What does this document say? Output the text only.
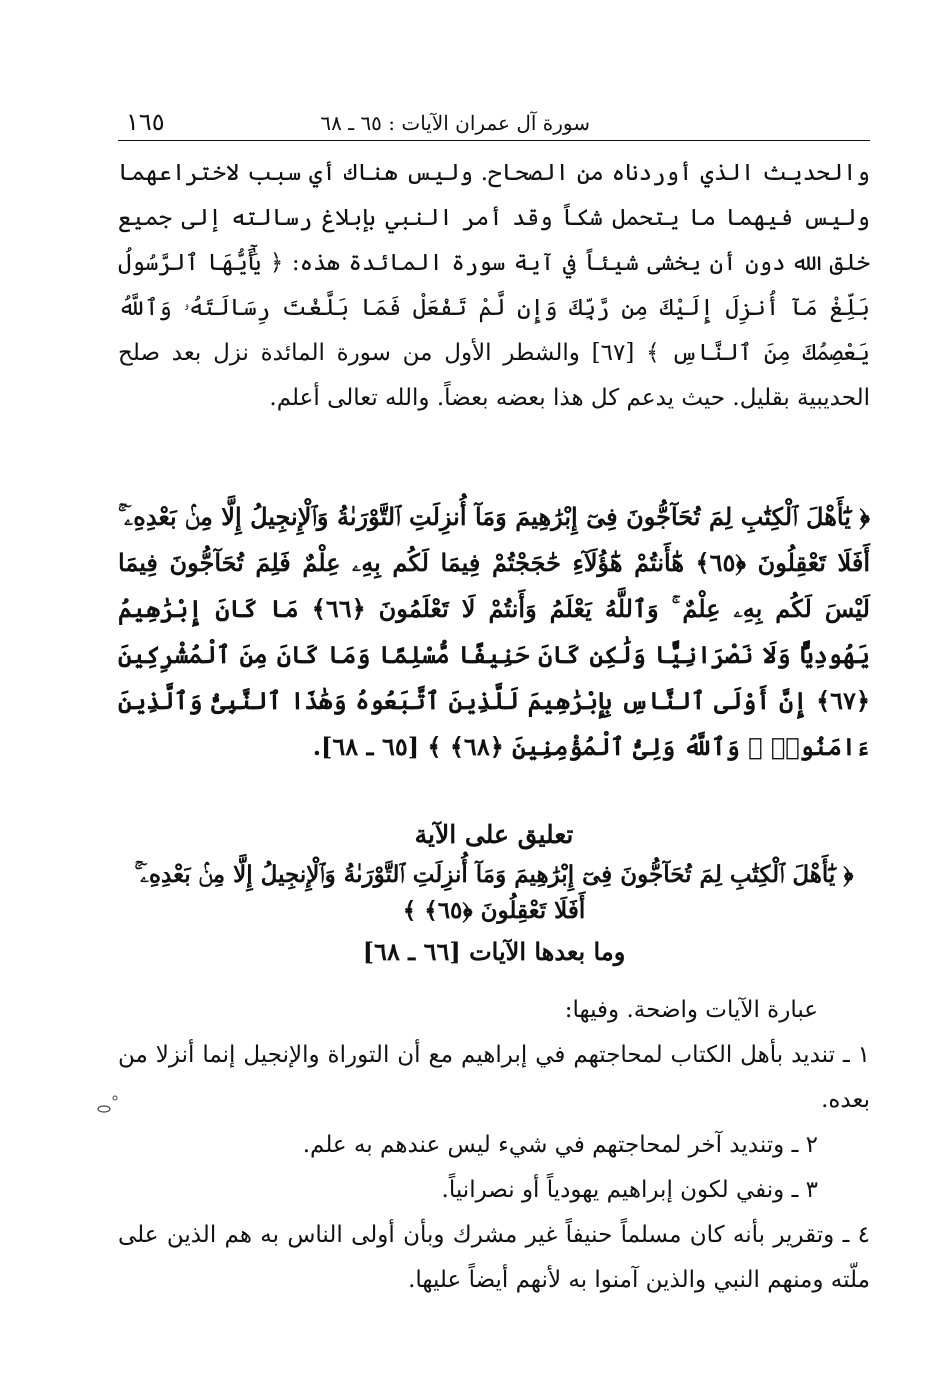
سورة آل عمران الآيات : ٦٥ ـ ٦٨
١٦٥

والحديث الذي أوردناه من الصحاح. وليس هناك أي سبب لاختراعهما وليس فيهما ما يتحمل شكاً وقد أمر النبي بإبلاغ رسالته إلى جميع خلق الله دون أن يخشى شيئاً في آية سورة المائدة هذه: ﴿ يَٰٓأَيُّهَا ٱلرَّسُولُ بَلِّغْ مَآ أُنزِلَ إِلَيْكَ مِن رَّبِّكَ وَإِن لَّمْ تَفْعَلْ فَمَا بَلَّغْتَ رِسَالَتَهُۥ وَٱللَّهُ يَعْصِمُكَ مِنَ ٱلنَّاسِ ﴾ [٦٧] والشطر الأول من سورة المائدة نزل بعد صلح الحديبية بقليل. حيث يدعم كل هذا بعضه بعضاً. والله تعالى أعلم.

﴿ يَٰٓأَهْلَ ٱلْكِتَٰبِ لِمَ تُحَآجُّونَ فِىٓ إِبْرَٰهِيمَ وَمَآ أُنزِلَتِ ٱلتَّوْرَىٰةُ وَٱلْإِنجِيلُ إِلَّا مِنۢ بَعْدِهِۦٓ ۚ أَفَلَا تَعْقِلُونَ ﴿٦٥﴾ هَٰٓأَنتُمْ هَٰٓؤُلَآءِ حَٰجَجْتُمْ فِيمَا لَكُم بِهِۦ عِلْمٌ فَلِمَ تُحَآجُّونَ فِيمَا لَيْسَ لَكُم بِهِۦ عِلْمٌ ۚ وَٱللَّهُ يَعْلَمُ وَأَنتُمْ لَا تَعْلَمُونَ ﴿٦٦﴾ مَا كَانَ إِبْرَٰهِيمُ يَهُودِيًّا وَلَا نَصْرَانِيًّا وَلَٰكِن كَانَ حَنِيفًا مُّسْلِمًا وَمَا كَانَ مِنَ ٱلْمُشْرِكِينَ ﴿٦٧﴾ إِنَّ أَوْلَى ٱلنَّاسِ بِإِبْرَٰهِيمَ لَلَّذِينَ ٱتَّبَعُوهُ وَهَٰذَا ٱلنَّبِىُّ وَٱلَّذِينَ ءَامَنُوا۟ ۗ وَٱللَّهُ وَلِىُّ ٱلْمُؤْمِنِينَ ﴿٦٨﴾ ﴾ [٦٥ ـ ٦٨].

تعليق على الآية
﴿ يَٰٓأَهْلَ ٱلْكِتَٰبِ لِمَ تُحَآجُّونَ فِىٓ إِبْرَٰهِيمَ وَمَآ أُنزِلَتِ ٱلتَّوْرَىٰةُ وَٱلْإِنجِيلُ إِلَّا مِنۢ بَعْدِهِۦٓ ۚ أَفَلَا تَعْقِلُونَ ﴿٦٥﴾ ﴾
وما بعدها الآيات [٦٦ ـ ٦٨]

عبارة الآيات واضحة. وفيها:

١ ـ تنديد بأهل الكتاب لمحاجتهم في إبراهيم مع أن التوراة والإنجيل إنما أنزلا من بعده.

٢ ـ وتنديد آخر لمحاجتهم في شيء ليس عندهم به علم.

٣ ـ ونفي لكون إبراهيم يهودياً أو نصرانياً.

٤ ـ وتقرير بأنه كان مسلماً حنيفاً غير مشرك وبأن أولى الناس به هم الذين على ملّته ومنهم النبي والذين آمنوا به لأنهم أيضاً عليها.
